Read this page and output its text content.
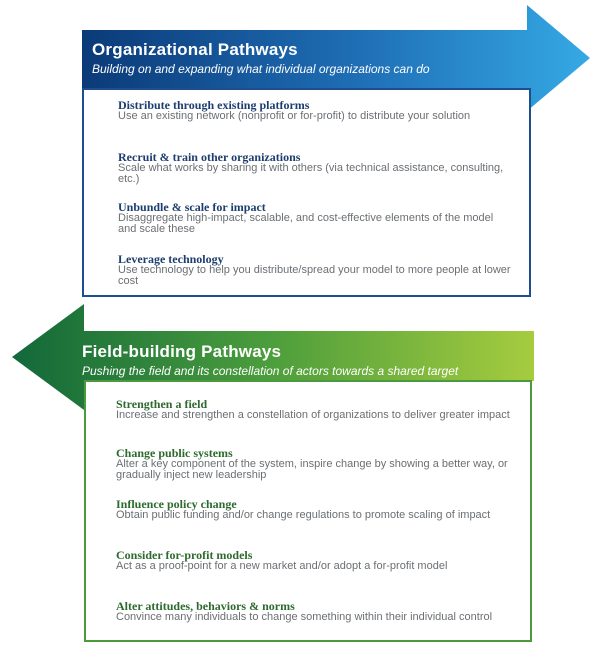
Organizational Pathways
Building on and expanding what individual organizations can do
Distribute through existing platforms
Use an existing network (nonprofit or for-profit) to distribute your solution
Recruit & train other organizations
Scale what works by sharing it with others (via technical assistance, consulting, etc.)
Unbundle & scale for impact
Disaggregate high-impact, scalable, and cost-effective elements of the model and scale these
Leverage technology
Use technology to help you distribute/spread your model to more people at lower cost
Field-building Pathways
Pushing the field and its constellation of actors towards a shared target
Strengthen a field
Increase and strengthen a constellation of organizations to deliver greater impact
Change public systems
Alter a key component of the system, inspire change by showing a better way, or gradually inject new leadership
Influence policy change
Obtain public funding and/or change regulations to promote scaling of impact
Consider for-profit models
Act as a proof-point for a new market and/or adopt a for-profit model
Alter attitudes, behaviors & norms
Convince many individuals to change something within their individual control
